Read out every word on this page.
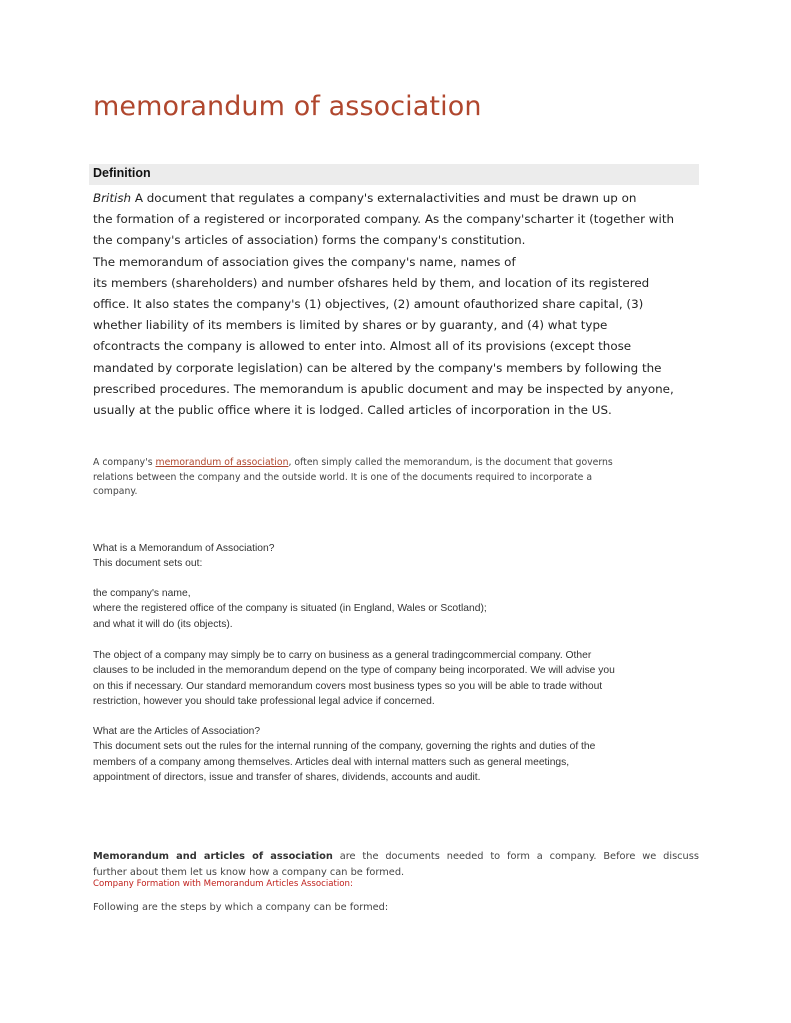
memorandum of association
Definition
British A document that regulates a company's externalactivities and must be drawn up on
the formation of a registered or incorporated company. As the company'scharter it (together with
the company's articles of association) forms the company's constitution.
The memorandum of association gives the company's name, names of
its members (shareholders) and number ofshares held by them, and location of its registered
office. It also states the company's (1) objectives, (2) amount ofauthorized share capital, (3)
whether liability of its members is limited by shares or by guaranty, and (4) what type
ofcontracts the company is allowed to enter into. Almost all of its provisions (except those
mandated by corporate legislation) can be altered by the company's members by following the
prescribed procedures. The memorandum is apublic document and may be inspected by anyone,
usually at the public office where it is lodged. Called articles of incorporation in the US.
A company's memorandum of association, often simply called the memorandum, is the document that governs
relations between the company and the outside world. It is one of the documents required to incorporate a
company.
What is a Memorandum of Association?
This document sets out:
the company's name,
where the registered office of the company is situated (in England, Wales or Scotland);
and what it will do (its objects).
The object of a company may simply be to carry on business as a general tradingcommercial company. Other
clauses to be included in the memorandum depend on the type of company being incorporated. We will advise you
on this if necessary. Our standard memorandum covers most business types so you will be able to trade without
restriction, however you should take professional legal advice if concerned.
What are the Articles of Association?
This document sets out the rules for the internal running of the company, governing the rights and duties of the
members of a company among themselves. Articles deal with internal matters such as general meetings,
appointment of directors, issue and transfer of shares, dividends, accounts and audit.
Memorandum and articles of association are the documents needed to form a company. Before we discuss
further about them let us know how a company can be formed.
Company Formation with Memorandum Articles Association:
Following are the steps by which a company can be formed:
